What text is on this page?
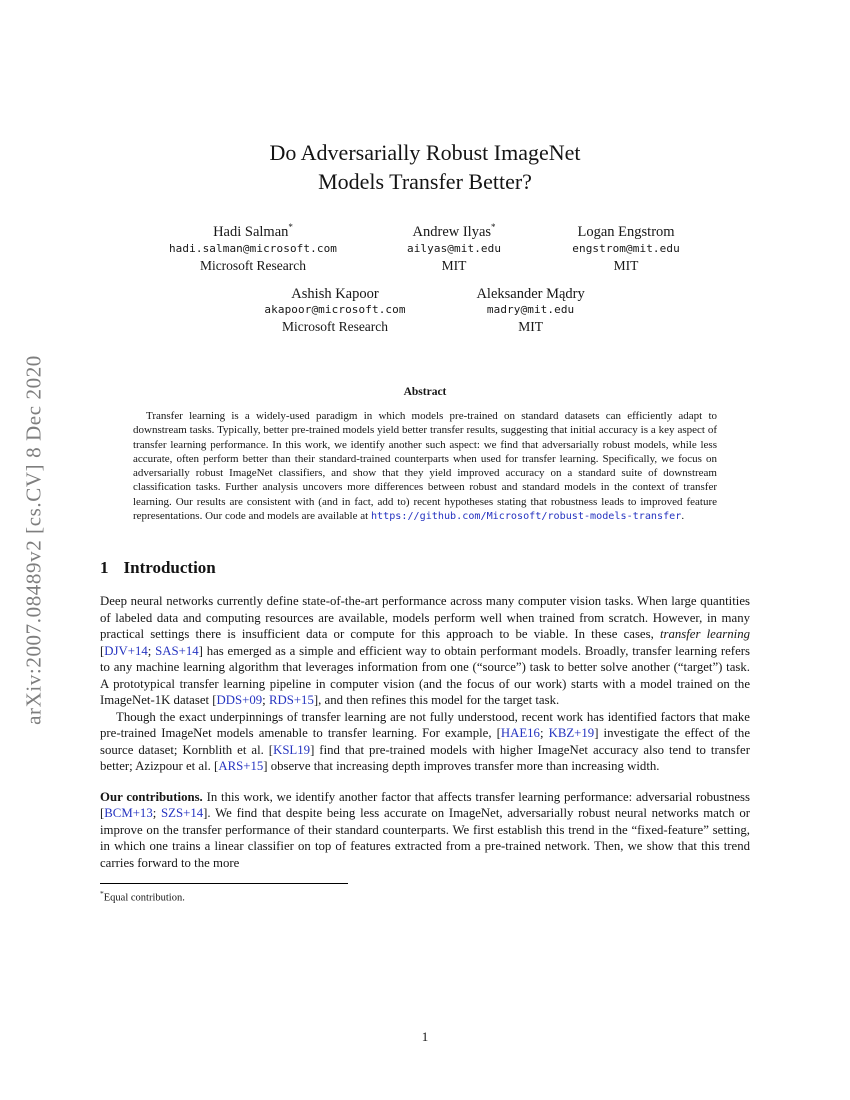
arXiv:2007.08489v2 [cs.CV] 8 Dec 2020
Do Adversarially Robust ImageNet
Models Transfer Better?
Hadi Salman*
hadi.salman@microsoft.com
Microsoft Research
Andrew Ilyas*
ailyas@mit.edu
MIT
Logan Engstrom
engstrom@mit.edu
MIT
Ashish Kapoor
akapoor@microsoft.com
Microsoft Research
Aleksander Mądry
madry@mit.edu
MIT
Abstract

Transfer learning is a widely-used paradigm in which models pre-trained on standard datasets can efficiently adapt to downstream tasks. Typically, better pre-trained models yield better transfer results, suggesting that initial accuracy is a key aspect of transfer learning performance. In this work, we identify another such aspect: we find that adversarially robust models, while less accurate, often perform better than their standard-trained counterparts when used for transfer learning. Specifically, we focus on adversarially robust ImageNet classifiers, and show that they yield improved accuracy on a standard suite of downstream classification tasks. Further analysis uncovers more differences between robust and standard models in the context of transfer learning. Our results are consistent with (and in fact, add to) recent hypotheses stating that robustness leads to improved feature representations. Our code and models are available at https://github.com/Microsoft/robust-models-transfer.

1 Introduction

Deep neural networks currently define state-of-the-art performance across many computer vision tasks. When large quantities of labeled data and computing resources are available, models perform well when trained from scratch. However, in many practical settings there is insufficient data or compute for this approach to be viable. In these cases, transfer learning [DJV+14; SAS+14] has emerged as a simple and efficient way to obtain performant models. Broadly, transfer learning refers to any machine learning algorithm that leverages information from one (“source”) task to better solve another (“target”) task. A prototypical transfer learning pipeline in computer vision (and the focus of our work) starts with a model trained on the ImageNet-1K dataset [DDS+09; RDS+15], and then refines this model for the target task.

Though the exact underpinnings of transfer learning are not fully understood, recent work has identified factors that make pre-trained ImageNet models amenable to transfer learning. For example, [HAE16; KBZ+19] investigate the effect of the source dataset; Kornblith et al. [KSL19] find that pre-trained models with higher ImageNet accuracy also tend to transfer better; Azizpour et al. [ARS+15] observe that increasing depth improves transfer more than increasing width.

Our contributions. In this work, we identify another factor that affects transfer learning performance: adversarial robustness [BCM+13; SZS+14]. We find that despite being less accurate on ImageNet, adversarially robust neural networks match or improve on the transfer performance of their standard counterparts. We first establish this trend in the “fixed-feature” setting, in which one trains a linear classifier on top of features extracted from a pre-trained network. Then, we show that this trend carries forward to the more

*Equal contribution.
1
